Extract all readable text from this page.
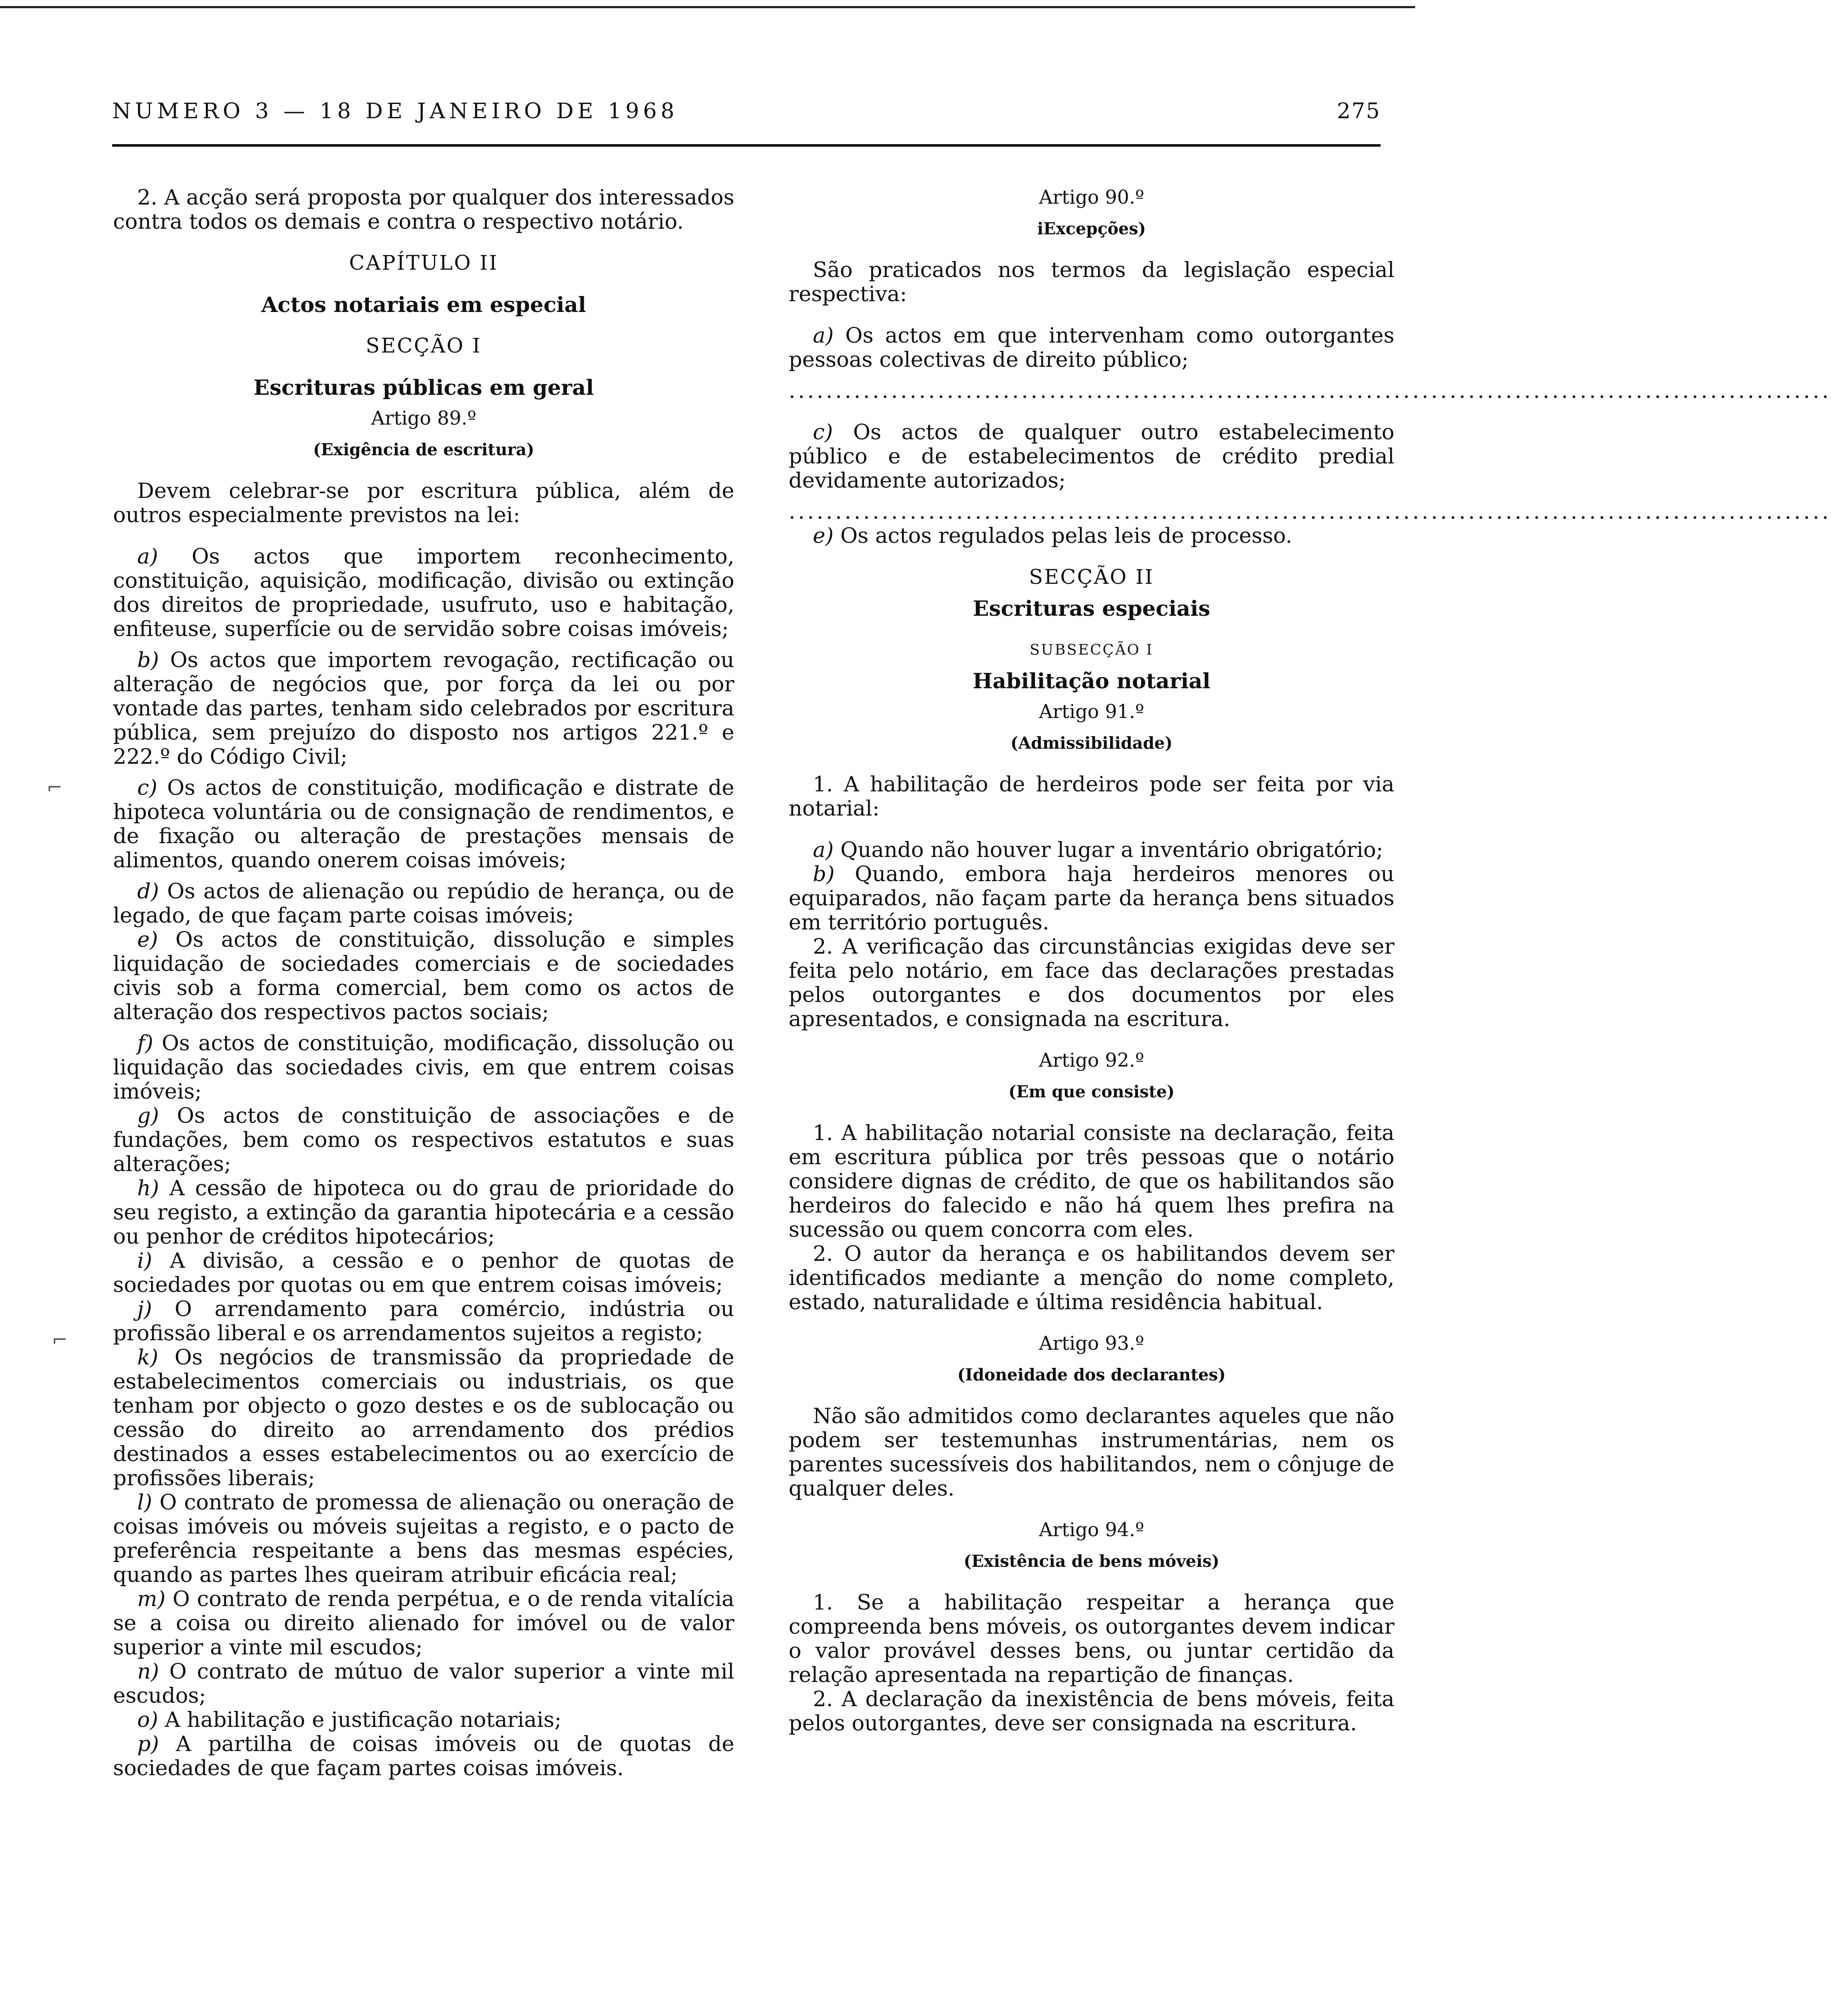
NUMERO 3 — 18 DE JANEIRO DE 1968	275
⌐
⌐

2. A acção será proposta por qualquer dos interessados contra todos os demais e contra o respectivo notário.

CAPÍTULO II

Actos notariais em especial

SECÇÃO I

Escrituras públicas em geral

Artigo 89.º

(Exigência de escritura)

Devem celebrar-se por escritura pública, além de outros especialmente previstos na lei:

a) Os actos que importem reconhecimento, constituição, aquisição, modificação, divisão ou extinção dos direitos de propriedade, usufruto, uso e habitação, enfiteuse, superfície ou de servidão sobre coisas imóveis;

b) Os actos que importem revogação, rectificação ou alteração de negócios que, por força da lei ou por vontade das partes, tenham sido celebrados por escritura pública, sem prejuízo do disposto nos artigos 221.º e 222.º do Código Civil;

c) Os actos de constituição, modificação e distrate de hipoteca voluntária ou de consignação de rendimentos, e de fixação ou alteração de prestações mensais de alimentos, quando onerem coisas imóveis;

d) Os actos de alienação ou repúdio de herança, ou de legado, de que façam parte coisas imóveis;

e) Os actos de constituição, dissolução e simples liquidação de sociedades comerciais e de sociedades civis sob a forma comercial, bem como os actos de alteração dos respectivos pactos sociais;

f) Os actos de constituição, modificação, dissolução ou liquidação das sociedades civis, em que entrem coisas imóveis;

g) Os actos de constituição de associações e de fundações, bem como os respectivos estatutos e suas alterações;

h) A cessão de hipoteca ou do grau de prioridade do seu registo, a extinção da garantia hipotecária e a cessão ou penhor de créditos hipotecários;

i) A divisão, a cessão e o penhor de quotas de sociedades por quotas ou em que entrem coisas imóveis;

j) O arrendamento para comércio, indústria ou profissão liberal e os arrendamentos sujeitos a registo;

k) Os negócios de transmissão da propriedade de estabelecimentos comerciais ou industriais, os que tenham por objecto o gozo destes e os de sublocação ou cessão do direito ao arrendamento dos prédios destinados a esses estabelecimentos ou ao exercício de profissões liberais;

l) O contrato de promessa de alienação ou oneração de coisas imóveis ou móveis sujeitas a registo, e o pacto de preferência respeitante a bens das mesmas espécies, quando as partes lhes queiram atribuir eficácia real;

m) O contrato de renda perpétua, e o de renda vitalícia se a coisa ou direito alienado for imóvel ou de valor superior a vinte mil escudos;

n) O contrato de mútuo de valor superior a vinte mil escudos;

o) A habilitação e justificação notariais;

p) A partilha de coisas imóveis ou de quotas de sociedades de que façam partes coisas imóveis.

Artigo 90.º

iExcepções)

São praticados nos termos da legislação especial respectiva:

a) Os actos em que intervenham como outorgantes pessoas colectivas de direito público;

................................................................................................................

c) Os actos de qualquer outro estabelecimento público e de estabelecimentos de crédito predial devidamente autorizados;

................................................................................................................

e) Os actos regulados pelas leis de processo.

SECÇÃO II

Escrituras especiais

SUBSECÇÃO I

Habilitação notarial

Artigo 91.º

(Admissibilidade)

1. A habilitação de herdeiros pode ser feita por via notarial:

a) Quando não houver lugar a inventário obrigatório;

b) Quando, embora haja herdeiros menores ou equiparados, não façam parte da herança bens situados em território português.

2. A verificação das circunstâncias exigidas deve ser feita pelo notário, em face das declarações prestadas pelos outorgantes e dos documentos por eles apresentados, e consignada na escritura.

Artigo 92.º

(Em que consiste)

1. A habilitação notarial consiste na declaração, feita em escritura pública por três pessoas que o notário considere dignas de crédito, de que os habilitandos são herdeiros do falecido e não há quem lhes prefira na sucessão ou quem concorra com eles.

2. O autor da herança e os habilitandos devem ser identificados mediante a menção do nome completo, estado, naturalidade e última residência habitual.

Artigo 93.º

(Idoneidade dos declarantes)

Não são admitidos como declarantes aqueles que não podem ser testemunhas instrumentárias, nem os parentes sucessíveis dos habilitandos, nem o cônjuge de qualquer deles.

Artigo 94.º

(Existência de bens móveis)

1. Se a habilitação respeitar a herança que compreenda bens móveis, os outorgantes devem indicar o valor provável desses bens, ou juntar certidão da relação apresentada na repartição de finanças.

2. A declaração da inexistência de bens móveis, feita pelos outorgantes, deve ser consignada na escritura.
